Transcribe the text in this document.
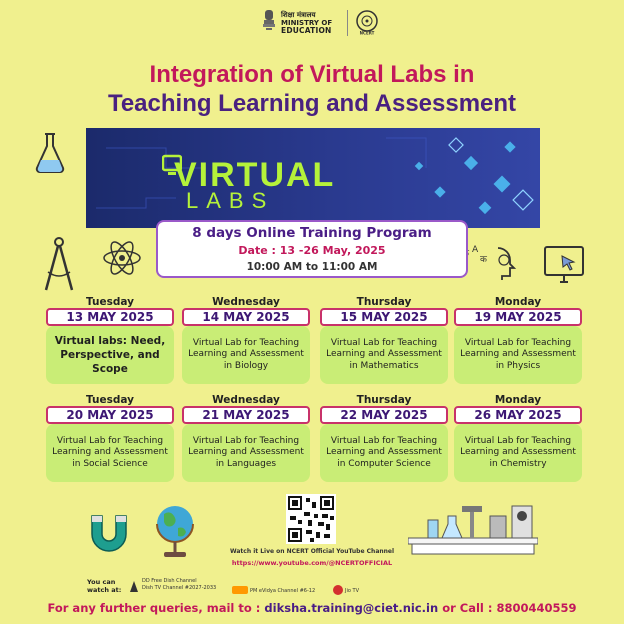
शिक्षा मंत्रालय
MINISTRY OF
EDUCATION	NCERT
Integration of Virtual Labs in
Teaching Learning and Assessment
A
क
VIRTUAL
LABS
8 days Online Training Program
Date : 13 -26 May, 2025
10:00 AM to 11:00 AM
Tuesday
13 MAY 2025
Virtual labs: Need, Perspective, and Scope
Wednesday
14 MAY 2025
Virtual Lab for Teaching Learning and Assessment in Biology
Thursday
15 MAY 2025
Virtual Lab for Teaching Learning and Assessment in Mathematics
Monday
19 MAY 2025
Virtual Lab for Teaching Learning and Assessment in Physics
Tuesday
20 MAY 2025
Virtual Lab for Teaching Learning and Assessment in Social Science
Wednesday
21 MAY 2025
Virtual Lab for Teaching Learning and Assessment in Languages
Thursday
22 MAY 2025
Virtual Lab for Teaching Learning and Assessment in Computer Science
Monday
26 MAY 2025
Virtual Lab for Teaching Learning and Assessment in Chemistry
Watch it Live on NCERT Official YouTube Channel
https://www.youtube.com/@NCERTOFFICIAL
You can watch at:
DD Free Dish Channel
Dish TV Channel #2027-2033	PM eVidya Channel #6-12	Jio TV
For any further queries, mail to : diksha.training@ciet.nic.in or Call : 8800440559
